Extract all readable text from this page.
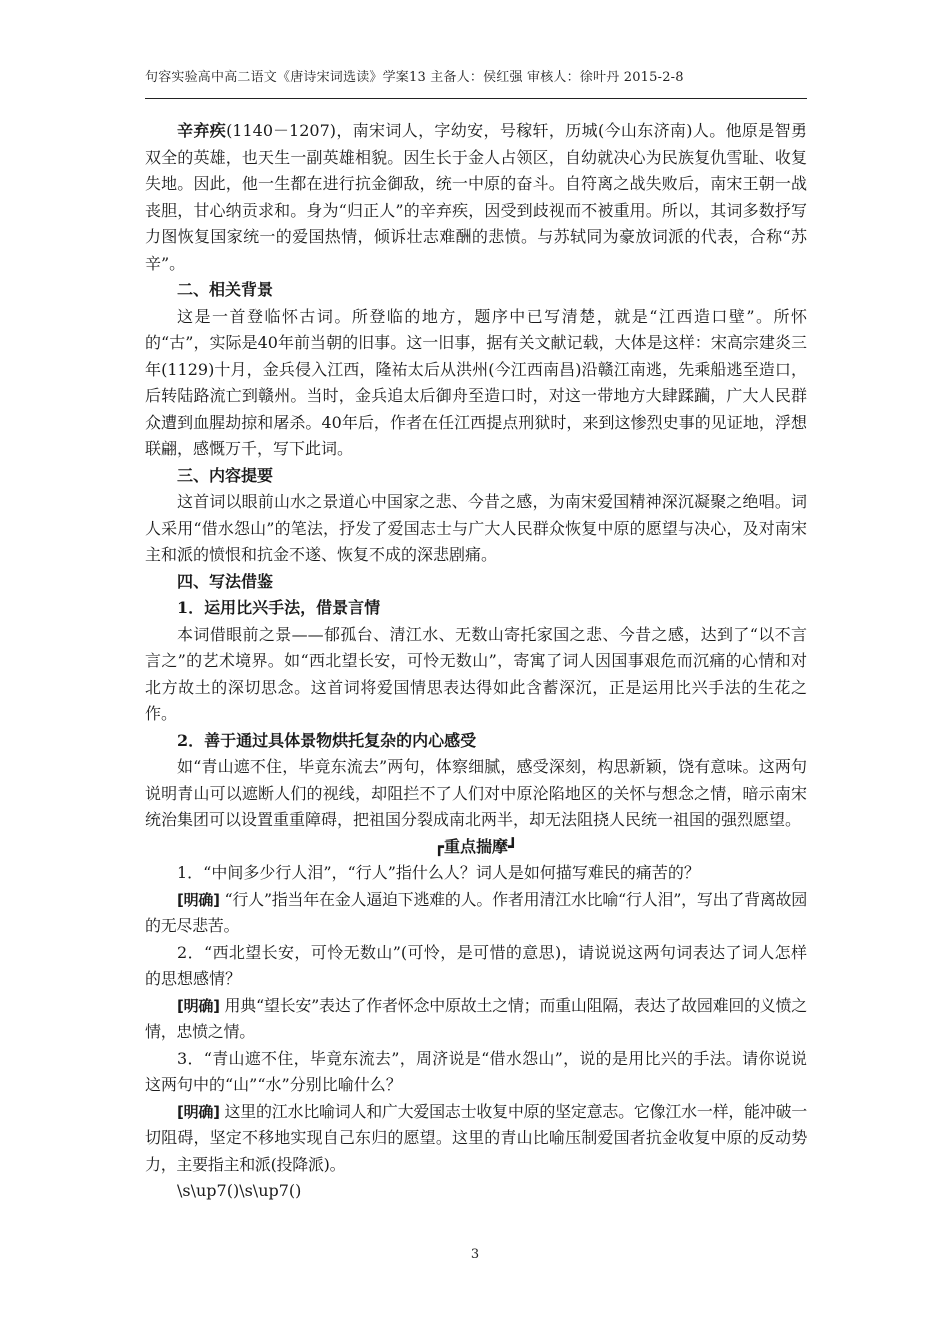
句容实验高中高二语文《唐诗宋词选读》学案13 主备人：侯红强 审核人：徐叶丹 2015-2-8

辛弃疾(1140－1207)，南宋词人，字幼安，号稼轩，历城(今山东济南)人。他原是智勇双全的英雄，也天生一副英雄相貌。因生长于金人占领区，自幼就决心为民族复仇雪耻、收复失地。因此，他一生都在进行抗金御敌，统一中原的奋斗。自符离之战失败后，南宋王朝一战丧胆，甘心纳贡求和。身为“归正人”的辛弃疾，因受到歧视而不被重用。所以，其词多数抒写力图恢复国家统一的爱国热情，倾诉壮志难酬的悲愤。与苏轼同为豪放词派的代表，合称“苏辛”。

二、相关背景

这是一首登临怀古词。所登临的地方，题序中已写清楚，就是“江西造口壁”。所怀的“古”，实际是40年前当朝的旧事。这一旧事，据有关文献记载，大体是这样：宋高宗建炎三年(1129)十月，金兵侵入江西，隆祐太后从洪州(今江西南昌)沿赣江南逃，先乘船逃至造口，后转陆路流亡到赣州。当时，金兵追太后御舟至造口时，对这一带地方大肆蹂躏，广大人民群众遭到血腥劫掠和屠杀。40年后，作者在任江西提点刑狱时，来到这惨烈史事的见证地，浮想联翩，感慨万千，写下此词。

三、内容提要

这首词以眼前山水之景道心中国家之悲、今昔之感，为南宋爱国精神深沉凝聚之绝唱。词人采用“借水怨山”的笔法，抒发了爱国志士与广大人民群众恢复中原的愿望与决心，及对南宋主和派的愤恨和抗金不遂、恢复不成的深悲剧痛。

四、写法借鉴

1．运用比兴手法，借景言情

本词借眼前之景——郁孤台、清江水、无数山寄托家国之悲、今昔之感，达到了“以不言言之”的艺术境界。如“西北望长安，可怜无数山”，寄寓了词人因国事艰危而沉痛的心情和对北方故土的深切思念。这首词将爱国情思表达得如此含蓄深沉，正是运用比兴手法的生花之作。

2．善于通过具体景物烘托复杂的内心感受

如“青山遮不住，毕竟东流去”两句，体察细腻，感受深刻，构思新颖，饶有意味。这两句说明青山可以遮断人们的视线，却阻拦不了人们对中原沦陷地区的关怀与想念之情，暗示南宋统治集团可以设置重重障碍，把祖国分裂成南北两半，却无法阻挠人民统一祖国的强烈愿望。

┏重点揣摩┛

1．“中间多少行人泪”，“行人”指什么人？词人是如何描写难民的痛苦的？

[明确] “行人”指当年在金人逼迫下逃难的人。作者用清江水比喻“行人泪”，写出了背离故园的无尽悲苦。

2．“西北望长安，可怜无数山”(可怜，是可惜的意思)，请说说这两句词表达了词人怎样的思想感情？

[明确] 用典“望长安”表达了作者怀念中原故土之情；而重山阻隔，表达了故园难回的义愤之情，忠愤之情。

3．“青山遮不住，毕竟东流去”，周济说是“借水怨山”，说的是用比兴的手法。请你说说这两句中的“山”“水”分别比喻什么？

[明确] 这里的江水比喻词人和广大爱国志士收复中原的坚定意志。它像江水一样，能冲破一切阻碍，坚定不移地实现自己东归的愿望。这里的青山比喻压制爱国者抗金收复中原的反动势力，主要指主和派(投降派)。

\s\up7()\s\up7()

3
